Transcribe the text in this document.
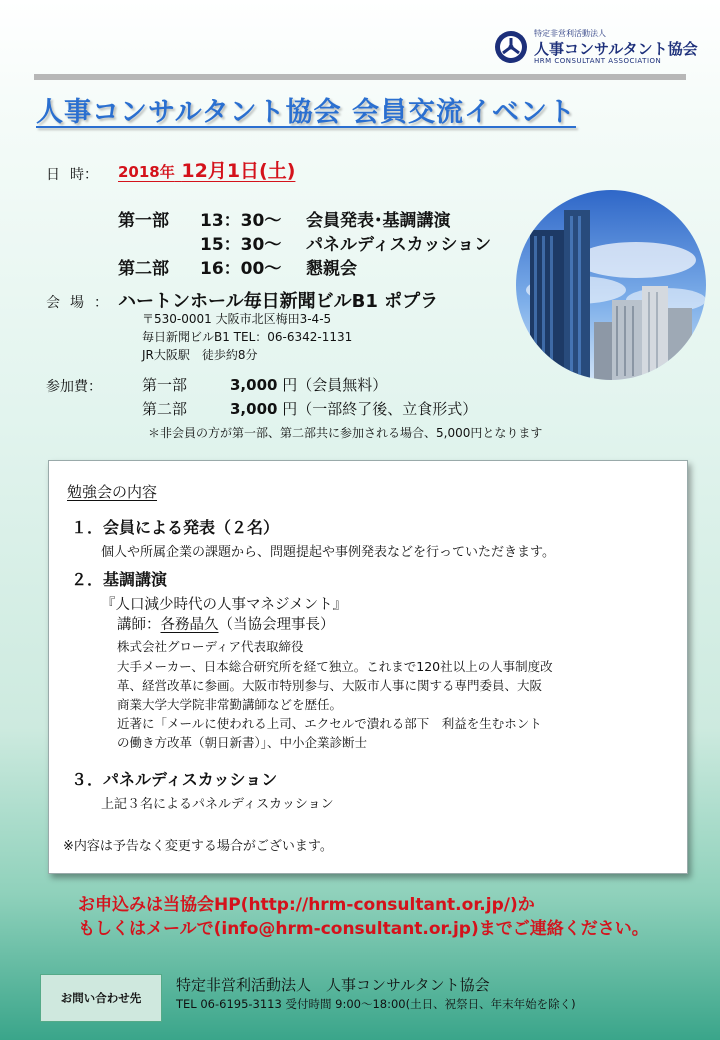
特定非営利活動法人
人事コンサルタント協会
HRM CONSULTANT ASSOCIATION
人事コンサルタント協会 会員交流イベント
日時： 2018年 12月1日(土)
第一部 13：30〜 会員発表･基調講演
15：30〜 パネルディスカッション
第二部 16：00〜 懇親会
会場： ハートンホール毎日新聞ビルB1 ポプラ
〒530-0001 大阪市北区梅田3-4-5
毎日新聞ビルB1 TEL：06-6342-1131
JR大阪駅　徒歩約8分
参加費：	第一部	3,000 円（会員無料）
第二部	3,000 円（一部終了後、立食形式）
＊非会員の方が第一部、第二部共に参加される場合、5,000円となります
勉強会の内容
１．会員による発表（２名）
個人や所属企業の課題から、問題提起や事例発表などを行っていただきます。
２．基調講演
『人口減少時代の人事マネジメント』
講師：各務晶久（当協会理事長）
株式会社グローディア代表取締役
大手メーカー、日本総合研究所を経て独立。これまで120社以上の人事制度改
革、経営改革に参画。大阪市特別参与、大阪市人事に関する専門委員、大阪
商業大学大学院非常勤講師などを歴任。
近著に「メールに使われる上司、エクセルで潰れる部下　利益を生むホント
の働き方改革（朝日新書）」、中小企業診断士
３．パネルディスカッション
上記３名によるパネルディスカッション
※内容は予告なく変更する場合がございます。
お申込みは当協会HP(http://hrm-consultant.or.jp/)か
もしくはメールで(info@hrm-consultant.or.jp)までご連絡ください。
お問い合わせ先
特定非営利活動法人　人事コンサルタント協会
TEL 06-6195-3113 受付時間 9:00〜18:00(土日、祝祭日、年末年始を除く)
